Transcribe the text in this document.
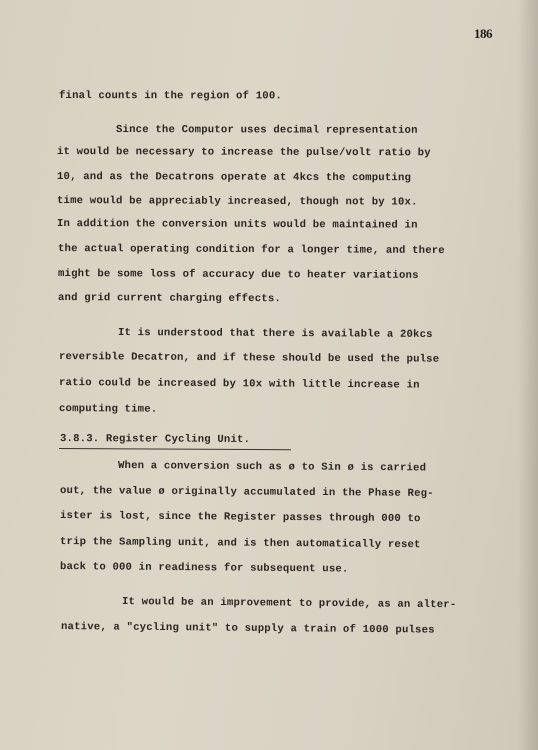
186
final counts in the region of 100.
Since the Computor uses decimal representation
it would be necessary to increase the pulse/volt ratio by
10, and as the Decatrons operate at 4kcs the computing
time would be appreciably increased, though not by 10x.
In addition the conversion units would be maintained in
the actual operating condition for a longer time, and there
might be some loss of accuracy due to heater variations
and grid current charging effects.
It is understood that there is available a 20kcs
reversible Decatron, and if these should be used the pulse
ratio could be increased by 10x with little increase in
computing time.
3.8.3. Register Cycling Unit.
When a conversion such as ø to Sin ø is carried
out, the value ø originally accumulated in the Phase Reg-
ister is lost, since the Register passes through 000 to
trip the Sampling unit, and is then automatically reset
back to 000 in readiness for subsequent use.
It would be an improvement to provide, as an alter-
native, a "cycling unit" to supply a train of 1000 pulses
